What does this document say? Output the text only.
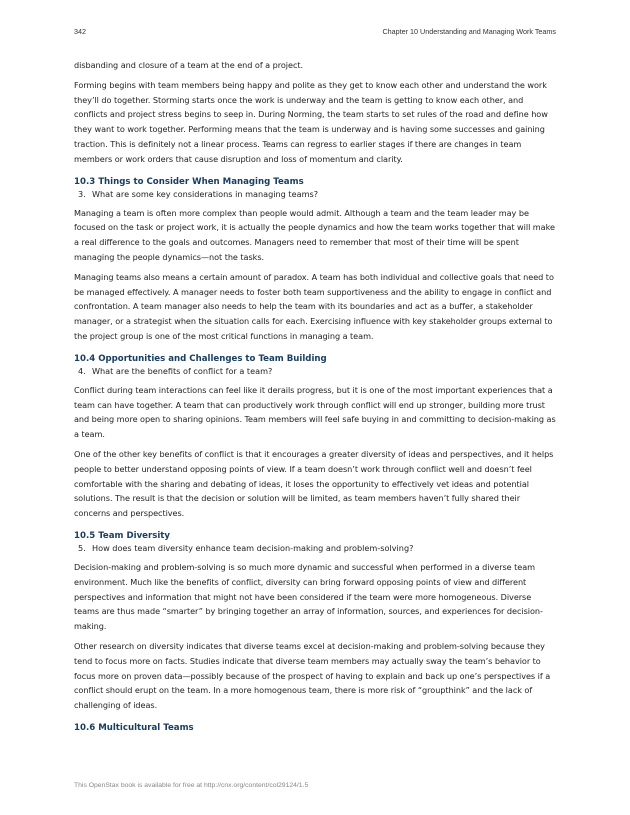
342	Chapter 10 Understanding and Managing Work Teams

disbanding and closure of a team at the end of a project.

Forming begins with team members being happy and polite as they get to know each other and understand the work they’ll do together. Storming starts once the work is underway and the team is getting to know each other, and conflicts and project stress begins to seep in. During Norming, the team starts to set rules of the road and define how they want to work together. Performing means that the team is underway and is having some successes and gaining traction. This is definitely not a linear process. Teams can regress to earlier stages if there are changes in team members or work orders that cause disruption and loss of momentum and clarity.

10.3 Things to Consider When Managing Teams
3. What are some key considerations in managing teams?

Managing a team is often more complex than people would admit. Although a team and the team leader may be focused on the task or project work, it is actually the people dynamics and how the team works together that will make a real difference to the goals and outcomes. Managers need to remember that most of their time will be spent managing the people dynamics—not the tasks.

Managing teams also means a certain amount of paradox. A team has both individual and collective goals that need to be managed effectively. A manager needs to foster both team supportiveness and the ability to engage in conflict and confrontation. A team manager also needs to help the team with its boundaries and act as a buffer, a stakeholder manager, or a strategist when the situation calls for each. Exercising influence with key stakeholder groups external to the project group is one of the most critical functions in managing a team.

10.4 Opportunities and Challenges to Team Building
4. What are the benefits of conflict for a team?

Conflict during team interactions can feel like it derails progress, but it is one of the most important experiences that a team can have together. A team that can productively work through conflict will end up stronger, building more trust and being more open to sharing opinions. Team members will feel safe buying in and committing to decision-making as a team.

One of the other key benefits of conflict is that it encourages a greater diversity of ideas and perspectives, and it helps people to better understand opposing points of view. If a team doesn’t work through conflict well and doesn’t feel comfortable with the sharing and debating of ideas, it loses the opportunity to effectively vet ideas and potential solutions. The result is that the decision or solution will be limited, as team members haven’t fully shared their concerns and perspectives.

10.5 Team Diversity
5. How does team diversity enhance team decision-making and problem-solving?

Decision-making and problem-solving is so much more dynamic and successful when performed in a diverse team environment. Much like the benefits of conflict, diversity can bring forward opposing points of view and different perspectives and information that might not have been considered if the team were more homogeneous. Diverse teams are thus made “smarter” by bringing together an array of information, sources, and experiences for decision-making.

Other research on diversity indicates that diverse teams excel at decision-making and problem-solving because they tend to focus more on facts. Studies indicate that diverse team members may actually sway the team’s behavior to focus more on proven data—possibly because of the prospect of having to explain and back up one’s perspectives if a conflict should erupt on the team. In a more homogenous team, there is more risk of “groupthink” and the lack of challenging of ideas.

10.6 Multicultural Teams
This OpenStax book is available for free at http://cnx.org/content/col29124/1.5
